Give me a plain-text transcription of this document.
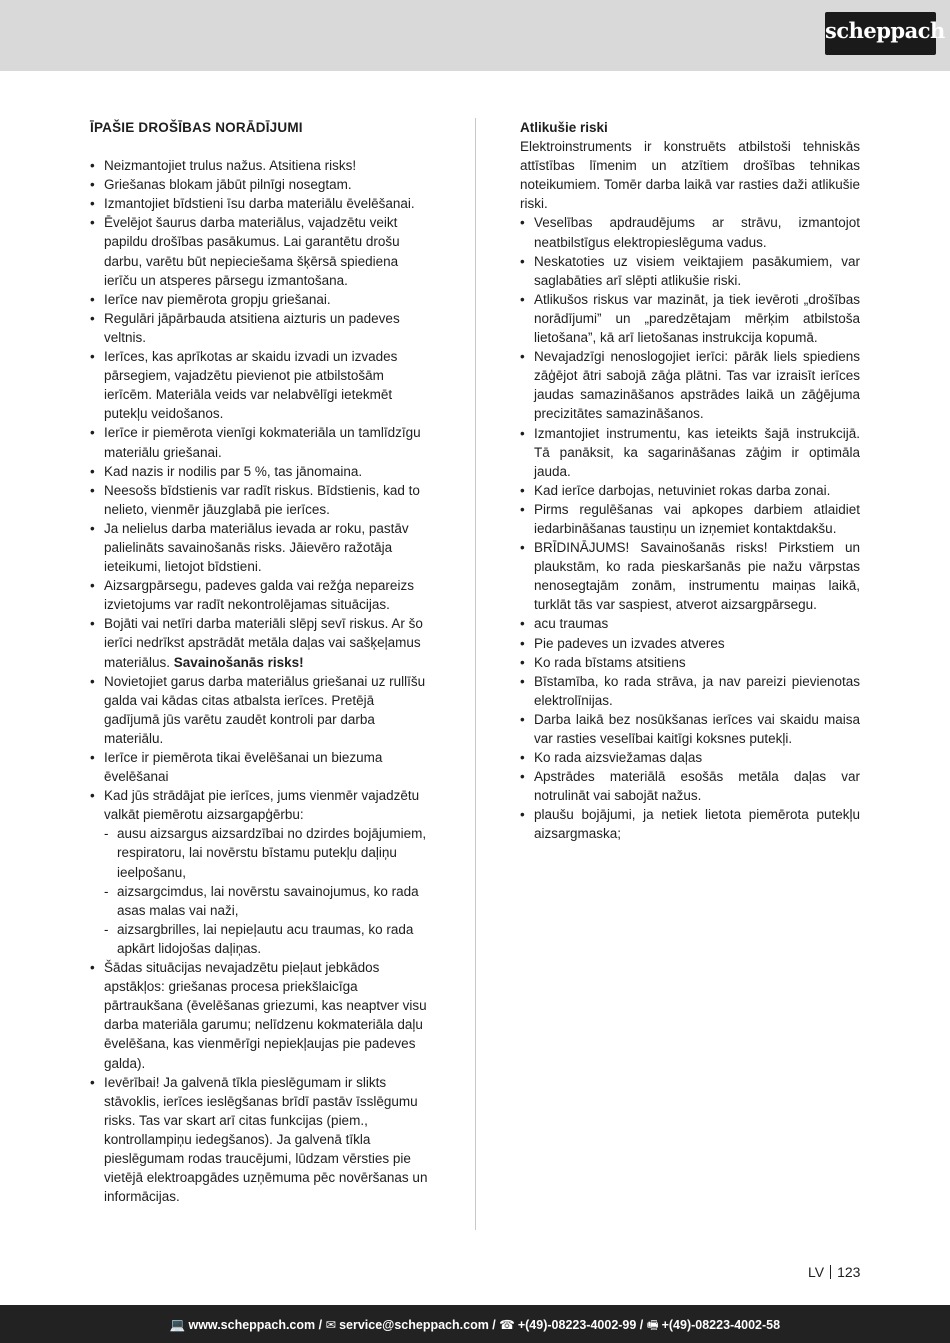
scheppach
ĪPAŠIE DROŠĪBAS NORĀDĪJUMI
• Neizmantojiet trulus nažus. Atsitiena risks!
• Griešanas blokam jābūt pilnīgi nosegtam.
• Izmantojiet bīdstieni īsu darba materiālu ēvelēšanai.
• Ēvelējot šaurus darba materiālus, vajadzētu veikt papildu drošības pasākumus. Lai garantētu drošu darbu, varētu būt nepieciešama šķērsā spiediena ierīču un atsperes pārsegu izmantošana.
• Ierīce nav piemērota gropju griešanai.
• Regulāri jāpārbauda atsitiena aizturis un padeves veltnis.
• Ierīces, kas aprīkotas ar skaidu izvadi un izvades pārsegiem, vajadzētu pievienot pie atbilstošām ierīcēm. Materiāla veids var nelabvēlīgi ietekmēt putekļu veidošanos.
• Ierīce ir piemērota vienīgi kokmateriāla un tamlīdzīgu materiālu griešanai.
• Kad nazis ir nodilis par 5 %, tas jānomaina.
• Neesošs bīdstienis var radīt riskus. Bīdstienis, kad to nelieto, vienmēr jāuzglabā pie ierīces.
• Ja nelielus darba materiālus ievada ar roku, pastāv palielināts savainošanās risks. Jāievēro ražotāja ieteikumi, lietojot bīdstieni.
• Aizsargpārsegu, padeves galda vai režģa nepareizs izvietojums var radīt nekontrolējamas situācijas.
• Bojāti vai netīri darba materiāli slēpj sevī riskus. Ar šo ierīci nedrīkst apstrādāt metāla daļas vai sašķeļamus materiālus. Savainošanās risks!
• Novietojiet garus darba materiālus griešanai uz rullīšu galda vai kādas citas atbalsta ierīces. Pretējā gadījumā jūs varētu zaudēt kontroli par darba materiālu.
• Ierīce ir piemērota tikai ēvelēšanai un biezuma ēvelēšanai
• Kad jūs strādājat pie ierīces, jums vienmēr vajadzētu valkāt piemērotu aizsargapģērbu:
- ausu aizsargus aizsardzībai no dzirdes bojājumiem,
respiratoru, lai novērstu bīstamu putekļu daļiņu ieelpošanu,
- aizsargcimdus, lai novērstu savainojumus, ko rada asas malas vai naži,
- aizsargbrilles, lai nepieļautu acu traumas, ko rada apkārt lidojošas daļiņas.
• Šādas situācijas nevajadzētu pieļaut jebkādos apstākļos: griešanas procesa priekšlaicīga pārtraukšana (ēvelēšanas griezumi, kas neaptver visu darba materiāla garumu; nelīdzenu kokmateriāla daļu ēvelēšana, kas vienmērīgi nepiekļaujas pie padeves galda).
• Ievērībai! Ja galvenā tīkla pieslēgumam ir slikts stāvoklis, ierīces ieslēgšanas brīdī pastāv īsslēgumu risks. Tas var skart arī citas funkcijas (piem., kontrollampiņu iedegšanos). Ja galvenā tīkla pieslēgumam rodas traucējumi, lūdzam vērsties pie vietējā elektroapgādes uzņēmuma pēc novēršanas un informācijas.
Atlikušie riski

Elektroinstruments ir konstruēts atbilstoši tehniskās attīstības līmenim un atzītiem drošības tehnikas noteikumiem. Tomēr darba laikā var rasties daži atlikušie riski.

• Veselības apdraudējums ar strāvu, izmantojot neatbilstīgus elektropieslēguma vadus.
• Neskatoties uz visiem veiktajiem pasākumiem, var saglabāties arī slēpti atlikušie riski.
• Atlikušos riskus var mazināt, ja tiek ievēroti „drošības norādījumi” un „paredzētajam mērķim atbilstoša lietošana”, kā arī lietošanas instrukcija kopumā.
• Nevajadzīgi nenoslogojiet ierīci: pārāk liels spiediens zāģējot ātri sabojā zāģa plātni. Tas var izraisīt ierīces jaudas samazināšanos apstrādes laikā un zāģējuma precizitātes samazināšanos.
• Izmantojiet instrumentu, kas ieteikts šajā instrukcijā. Tā panāksit, ka sagarināšanas zāģim ir optimāla jauda.
• Kad ierīce darbojas, netuviniet rokas darba zonai.
• Pirms regulēšanas vai apkopes darbiem atlaidiet iedarbināšanas taustiņu un izņemiet kontaktdakšu.
• BRĪDINĀJUMS! Savainošanās risks! Pirkstiem un plaukstām, ko rada pieskaršanās pie nažu vārpstas nenosegtajām zonām, instrumentu maiņas laikā, turklāt tās var saspiest, atverot aizsargpārsegu.
• acu traumas
• Pie padeves un izvades atveres
• Ko rada bīstams atsitiens
• Bīstamība, ko rada strāva, ja nav pareizi pievienotas elektrolīnijas.
• Darba laikā bez nosūkšanas ierīces vai skaidu maisa var rasties veselībai kaitīgi koksnes putekļi.
• Ko rada aizsviežamas daļas
• Apstrādes materiālā esošās metāla daļas var notrulināt vai sabojāt nažus.
• plaušu bojājumi, ja netiek lietota piemērota putekļu aizsargmaska;
LV 123
💻 www.scheppach.com / ✉ service@scheppach.com / ☎ +(49)-08223-4002-99 / 🖷 +(49)-08223-4002-58
